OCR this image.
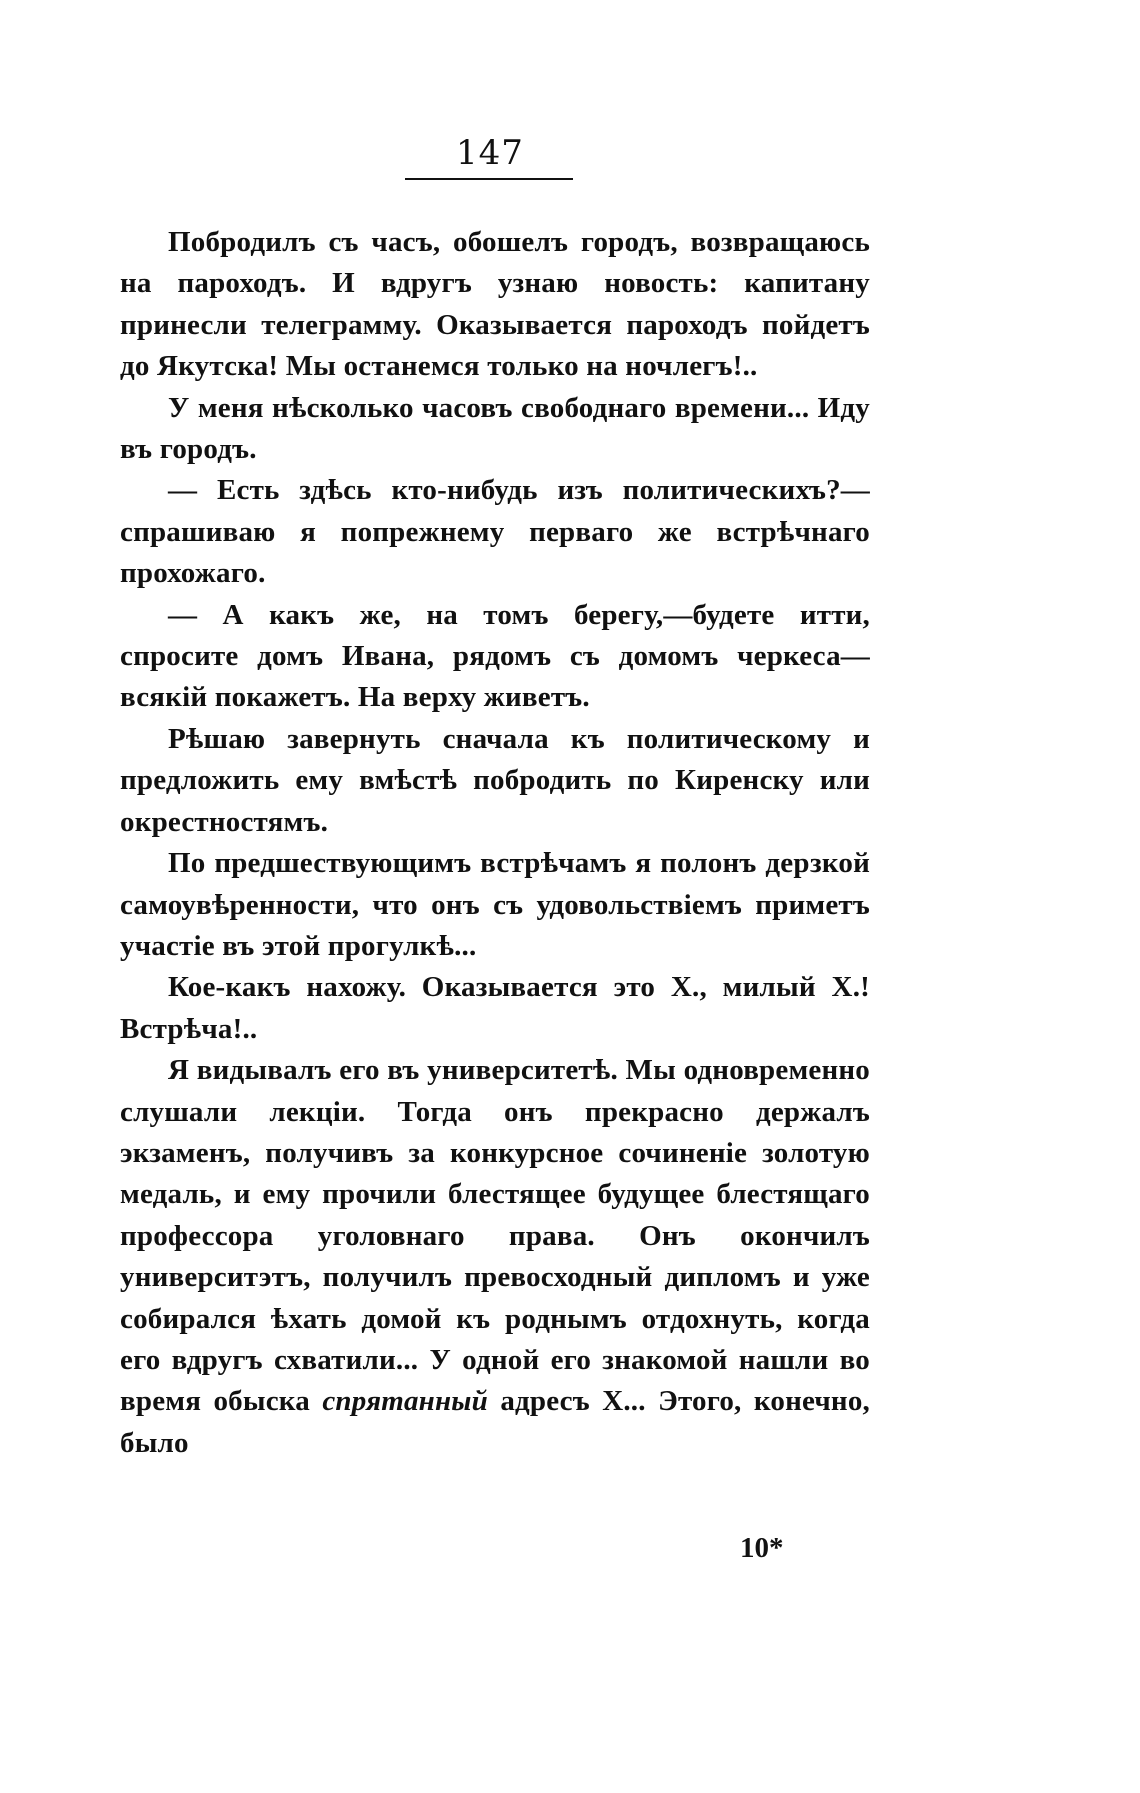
147

Побродилъ съ часъ, обошелъ городъ, возвращаюсь на пароходъ. И вдругъ узнаю новость: капитану принесли телеграмму. Оказывается пароходъ пойдетъ до Якутска! Мы останемся только на ночлегъ!..

У меня нѣсколько часовъ свободнаго времени... Иду въ городъ.

— Есть здѣсь кто-нибудь изъ политическихъ?— спрашиваю я попрежнему перваго же встрѣчнаго прохожаго.

— А какъ же, на томъ берегу,—будете итти, спросите домъ Ивана, рядомъ съ домомъ черкеса— всякій покажетъ. На верху живетъ.

Рѣшаю завернуть сначала къ политическому и предложить ему вмѣстѣ побродить по Киренску или окрестностямъ.

По предшествующимъ встрѣчамъ я полонъ дерзкой самоувѣренности, что онъ съ удовольствіемъ приметъ участіе въ этой прогулкѣ...

Кое-какъ нахожу. Оказывается это X., милый X.! Встрѣча!..

Я видывалъ его въ университетѣ. Мы одновременно слушали лекціи. Тогда онъ прекрасно держалъ экзаменъ, получивъ за конкурсное сочиненіе золотую медаль, и ему прочили блестящее будущее блестящаго профессора уголовнаго права. Онъ окончилъ университэтъ, получилъ превосходный дипломъ и уже собирался ѣхать домой къ роднымъ отдохнуть, когда его вдругъ схватили... У одной его знакомой нашли во время обыска спрятанный адресъ X... Этого, конечно, было

10*
